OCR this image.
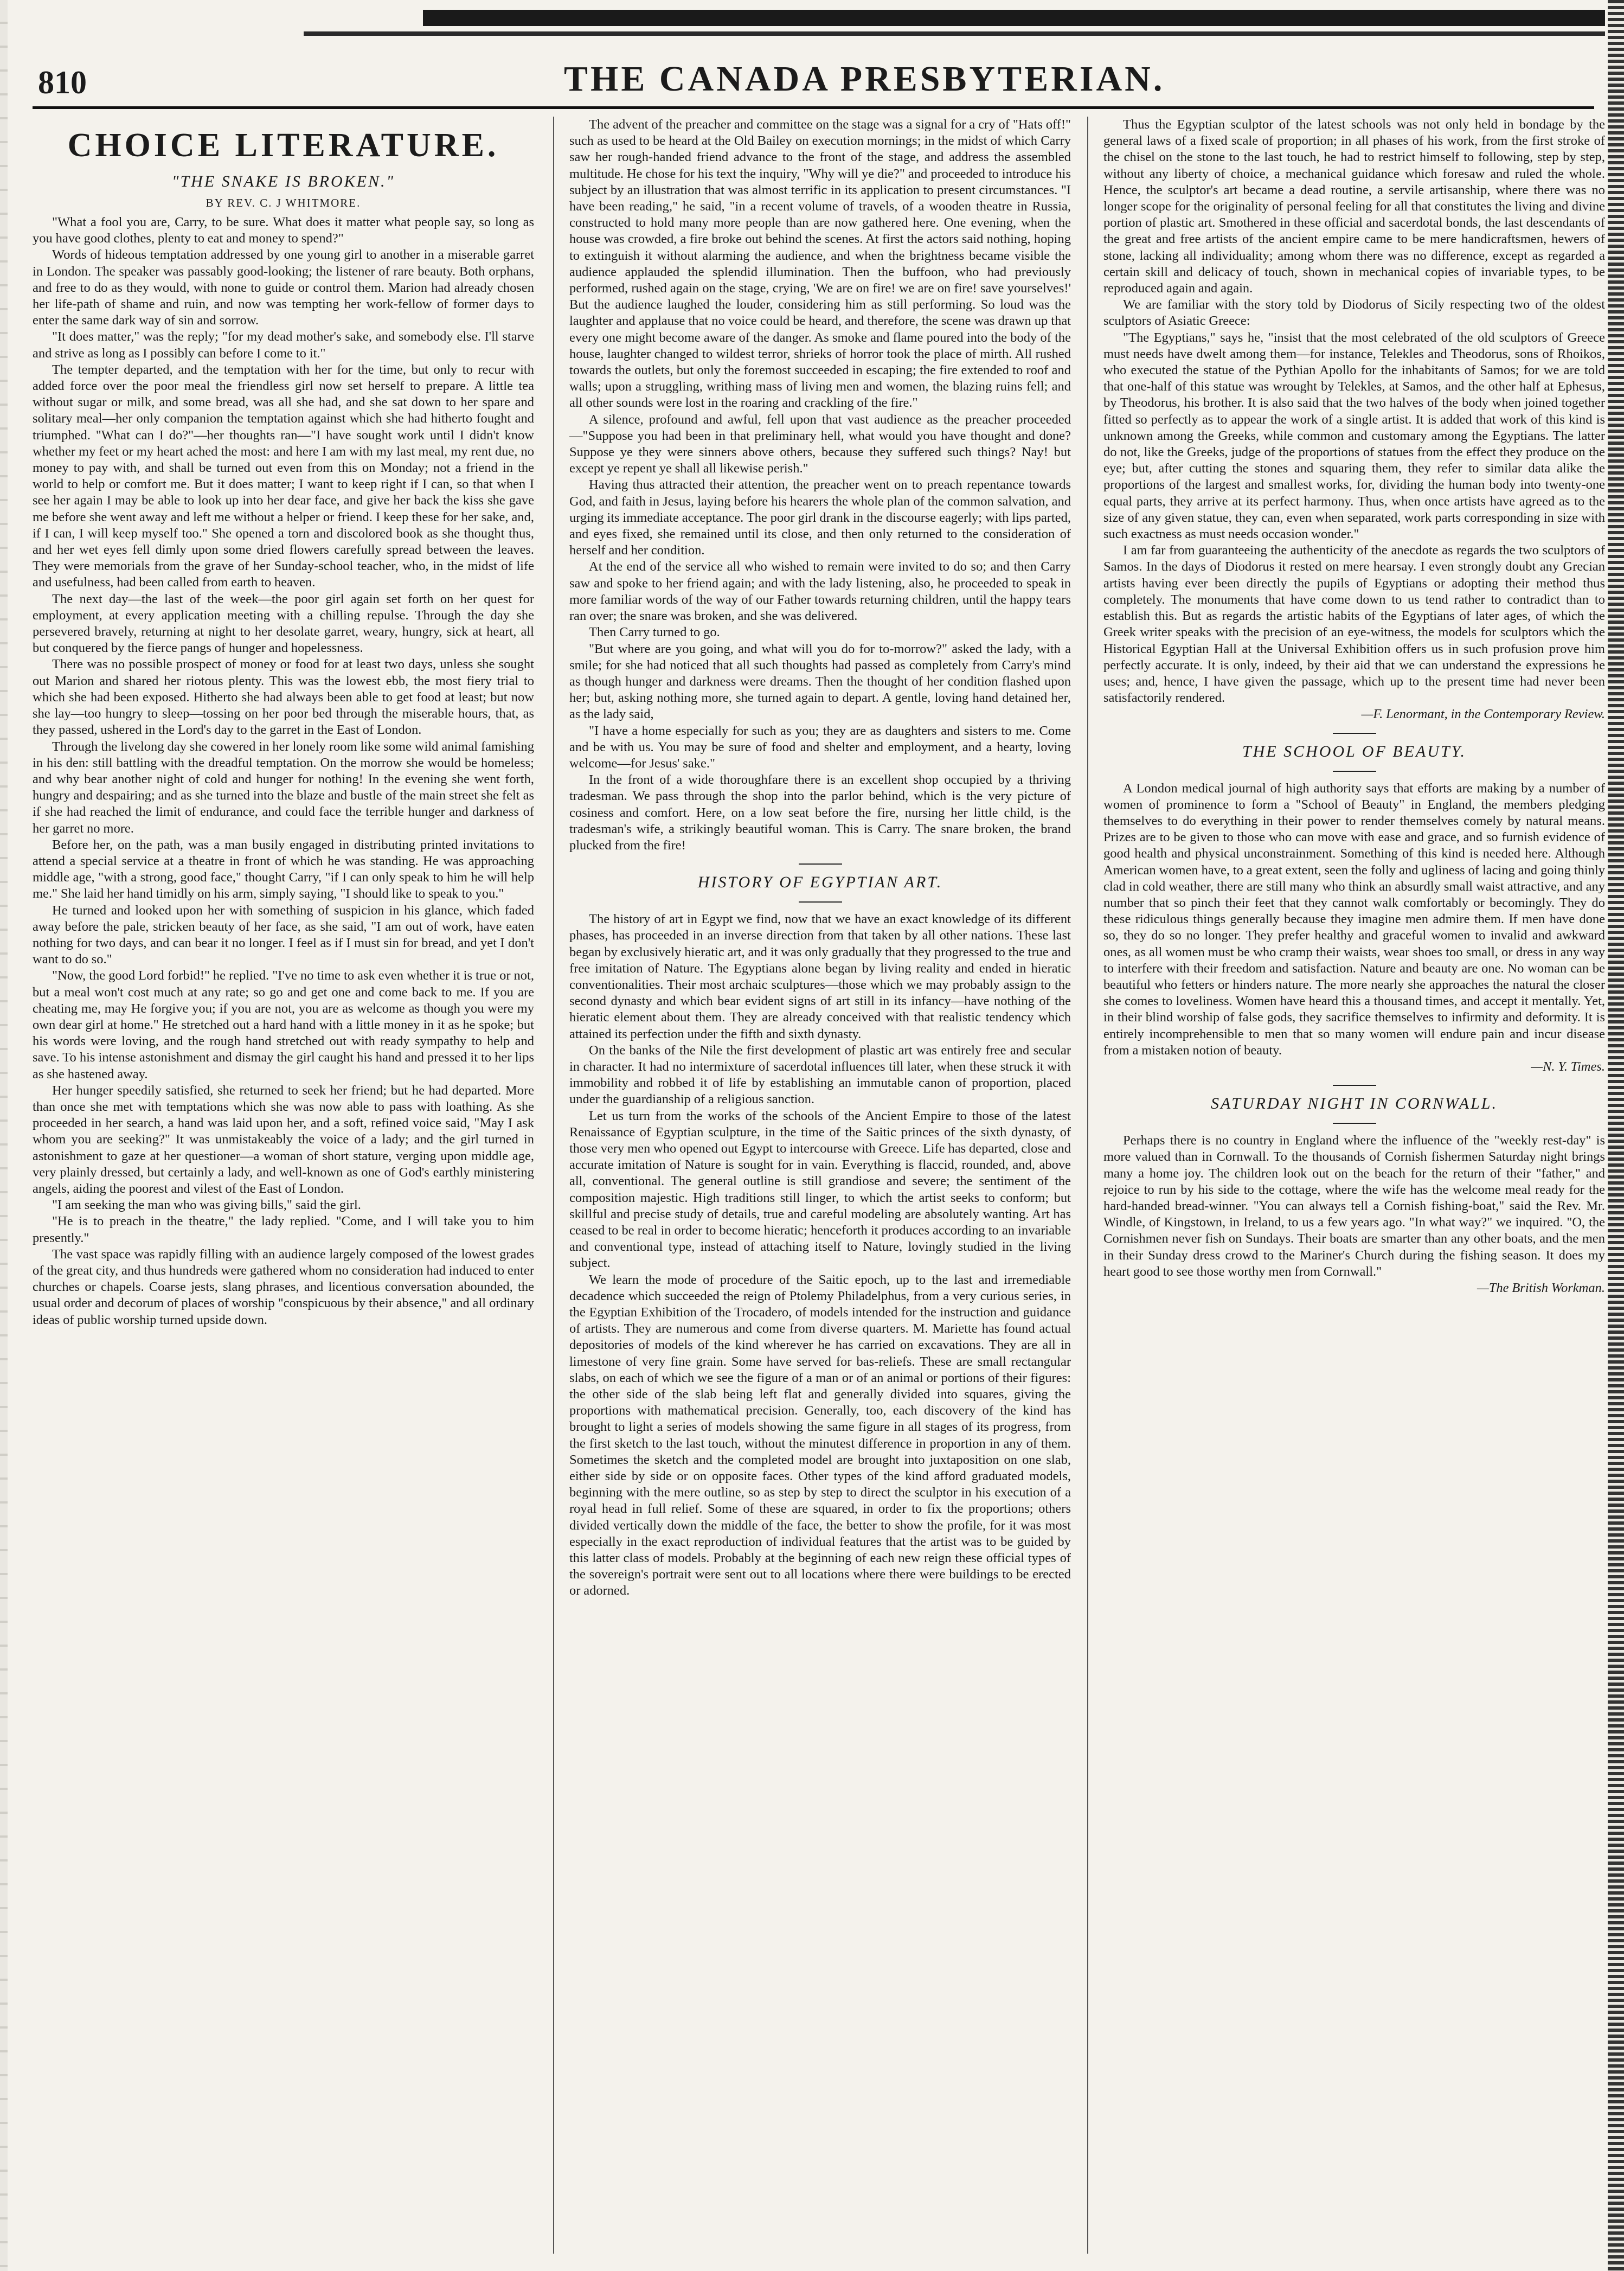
810	THE CANADA PRESBYTERIAN.
CHOICE LITERATURE.
"THE SNAKE IS BROKEN."
BY REV. C. J WHITMORE.

"What a fool you are, Carry, to be sure. What does it matter what people say, so long as you have good clothes, plenty to eat and money to spend?"

Words of hideous temptation addressed by one young girl to another in a miserable garret in London. The speaker was passably good-looking; the listener of rare beauty. Both orphans, and free to do as they would, with none to guide or control them. Marion had already chosen her life-path of shame and ruin, and now was tempting her work-fellow of former days to enter the same dark way of sin and sorrow.

"It does matter," was the reply; "for my dead mother's sake, and somebody else. I'll starve and strive as long as I possibly can before I come to it."

The tempter departed, and the temptation with her for the time, but only to recur with added force over the poor meal the friendless girl now set herself to prepare. A little tea without sugar or milk, and some bread, was all she had, and she sat down to her spare and solitary meal—her only companion the temptation against which she had hitherto fought and triumphed. "What can I do?"—her thoughts ran—"I have sought work until I didn't know whether my feet or my heart ached the most: and here I am with my last meal, my rent due, no money to pay with, and shall be turned out even from this on Monday; not a friend in the world to help or comfort me. But it does matter; I want to keep right if I can, so that when I see her again I may be able to look up into her dear face, and give her back the kiss she gave me before she went away and left me without a helper or friend. I keep these for her sake, and, if I can, I will keep myself too." She opened a torn and discolored book as she thought thus, and her wet eyes fell dimly upon some dried flowers carefully spread between the leaves. They were memorials from the grave of her Sunday-school teacher, who, in the midst of life and usefulness, had been called from earth to heaven.

The next day—the last of the week—the poor girl again set forth on her quest for employment, at every application meeting with a chilling repulse. Through the day she persevered bravely, returning at night to her desolate garret, weary, hungry, sick at heart, all but conquered by the fierce pangs of hunger and hopelessness.

There was no possible prospect of money or food for at least two days, unless she sought out Marion and shared her riotous plenty. This was the lowest ebb, the most fiery trial to which she had been exposed. Hitherto she had always been able to get food at least; but now she lay—too hungry to sleep—tossing on her poor bed through the miserable hours, that, as they passed, ushered in the Lord's day to the garret in the East of London.

Through the livelong day she cowered in her lonely room like some wild animal famishing in his den: still battling with the dreadful temptation. On the morrow she would be homeless; and why bear another night of cold and hunger for nothing! In the evening she went forth, hungry and despairing; and as she turned into the blaze and bustle of the main street she felt as if she had reached the limit of endurance, and could face the terrible hunger and darkness of her garret no more.

Before her, on the path, was a man busily engaged in distributing printed invitations to attend a special service at a theatre in front of which he was standing. He was approaching middle age, "with a strong, good face," thought Carry, "if I can only speak to him he will help me." She laid her hand timidly on his arm, simply saying, "I should like to speak to you."

He turned and looked upon her with something of suspicion in his glance, which faded away before the pale, stricken beauty of her face, as she said, "I am out of work, have eaten nothing for two days, and can bear it no longer. I feel as if I must sin for bread, and yet I don't want to do so."

"Now, the good Lord forbid!" he replied. "I've no time to ask even whether it is true or not, but a meal won't cost much at any rate; so go and get one and come back to me. If you are cheating me, may He forgive you; if you are not, you are as welcome as though you were my own dear girl at home." He stretched out a hard hand with a little money in it as he spoke; but his words were loving, and the rough hand stretched out with ready sympathy to help and save. To his intense astonishment and dismay the girl caught his hand and pressed it to her lips as she hastened away.

Her hunger speedily satisfied, she returned to seek her friend; but he had departed. More than once she met with temptations which she was now able to pass with loathing. As she proceeded in her search, a hand was laid upon her, and a soft, refined voice said, "May I ask whom you are seeking?" It was unmistakeably the voice of a lady; and the girl turned in astonishment to gaze at her questioner—a woman of short stature, verging upon middle age, very plainly dressed, but certainly a lady, and well-known as one of God's earthly ministering angels, aiding the poorest and vilest of the East of London.

"I am seeking the man who was giving bills," said the girl.

"He is to preach in the theatre," the lady replied. "Come, and I will take you to him presently."

The vast space was rapidly filling with an audience largely composed of the lowest grades of the great city, and thus hundreds were gathered whom no consideration had induced to enter churches or chapels. Coarse jests, slang phrases, and licentious conversation abounded, the usual order and decorum of places of worship "conspicuous by their absence," and all ordinary ideas of public worship turned upside down.

The advent of the preacher and committee on the stage was a signal for a cry of "Hats off!" such as used to be heard at the Old Bailey on execution mornings; in the midst of which Carry saw her rough-handed friend advance to the front of the stage, and address the assembled multitude. He chose for his text the inquiry, "Why will ye die?" and proceeded to introduce his subject by an illustration that was almost terrific in its application to present circumstances. "I have been reading," he said, "in a recent volume of travels, of a wooden theatre in Russia, constructed to hold many more people than are now gathered here. One evening, when the house was crowded, a fire broke out behind the scenes. At first the actors said nothing, hoping to extinguish it without alarming the audience, and when the brightness became visible the audience applauded the splendid illumination. Then the buffoon, who had previously performed, rushed again on the stage, crying, 'We are on fire! we are on fire! save yourselves!' But the audience laughed the louder, considering him as still performing. So loud was the laughter and applause that no voice could be heard, and therefore, the scene was drawn up that every one might become aware of the danger. As smoke and flame poured into the body of the house, laughter changed to wildest terror, shrieks of horror took the place of mirth. All rushed towards the outlets, but only the foremost succeeded in escaping; the fire extended to roof and walls; upon a struggling, writhing mass of living men and women, the blazing ruins fell; and all other sounds were lost in the roaring and crackling of the fire."

A silence, profound and awful, fell upon that vast audience as the preacher proceeded—"Suppose you had been in that preliminary hell, what would you have thought and done? Suppose ye they were sinners above others, because they suffered such things? Nay! but except ye repent ye shall all likewise perish."

Having thus attracted their attention, the preacher went on to preach repentance towards God, and faith in Jesus, laying before his hearers the whole plan of the common salvation, and urging its immediate acceptance. The poor girl drank in the discourse eagerly; with lips parted, and eyes fixed, she remained until its close, and then only returned to the consideration of herself and her condition.

At the end of the service all who wished to remain were invited to do so; and then Carry saw and spoke to her friend again; and with the lady listening, also, he proceeded to speak in more familiar words of the way of our Father towards returning children, until the happy tears ran over; the snare was broken, and she was delivered.

Then Carry turned to go.

"But where are you going, and what will you do for to-morrow?" asked the lady, with a smile; for she had noticed that all such thoughts had passed as completely from Carry's mind as though hunger and darkness were dreams. Then the thought of her condition flashed upon her; but, asking nothing more, she turned again to depart. A gentle, loving hand detained her, as the lady said,

"I have a home especially for such as you; they are as daughters and sisters to me. Come and be with us. You may be sure of food and shelter and employment, and a hearty, loving welcome—for Jesus' sake."

In the front of a wide thoroughfare there is an excellent shop occupied by a thriving tradesman. We pass through the shop into the parlor behind, which is the very picture of cosiness and comfort. Here, on a low seat before the fire, nursing her little child, is the tradesman's wife, a strikingly beautiful woman. This is Carry. The snare broken, the brand plucked from the fire!

HISTORY OF EGYPTIAN ART.

The history of art in Egypt we find, now that we have an exact knowledge of its different phases, has proceeded in an inverse direction from that taken by all other nations. These last began by exclusively hieratic art, and it was only gradually that they progressed to the true and free imitation of Nature. The Egyptians alone began by living reality and ended in hieratic conventionalities. Their most archaic sculptures—those which we may probably assign to the second dynasty and which bear evident signs of art still in its infancy—have nothing of the hieratic element about them. They are already conceived with that realistic tendency which attained its perfection under the fifth and sixth dynasty.

On the banks of the Nile the first development of plastic art was entirely free and secular in character. It had no intermixture of sacerdotal influences till later, when these struck it with immobility and robbed it of life by establishing an immutable canon of proportion, placed under the guardianship of a religious sanction.

Let us turn from the works of the schools of the Ancient Empire to those of the latest Renaissance of Egyptian sculpture, in the time of the Saitic princes of the sixth dynasty, of those very men who opened out Egypt to intercourse with Greece. Life has departed, close and accurate imitation of Nature is sought for in vain. Everything is flaccid, rounded, and, above all, conventional. The general outline is still grandiose and severe; the sentiment of the composition majestic. High traditions still linger, to which the artist seeks to conform; but skillful and precise study of details, true and careful modeling are absolutely wanting. Art has ceased to be real in order to become hieratic; henceforth it produces according to an invariable and conventional type, instead of attaching itself to Nature, lovingly studied in the living subject.

We learn the mode of procedure of the Saitic epoch, up to the last and irremediable decadence which succeeded the reign of Ptolemy Philadelphus, from a very curious series, in the Egyptian Exhibition of the Trocadero, of models intended for the instruction and guidance of artists. They are numerous and come from diverse quarters. M. Mariette has found actual depositories of models of the kind wherever he has carried on excavations. They are all in limestone of very fine grain. Some have served for bas-reliefs. These are small rectangular slabs, on each of which we see the figure of a man or of an animal or portions of their figures: the other side of the slab being left flat and generally divided into squares, giving the proportions with mathematical precision. Generally, too, each discovery of the kind has brought to light a series of models showing the same figure in all stages of its progress, from the first sketch to the last touch, without the minutest difference in proportion in any of them. Sometimes the sketch and the completed model are brought into juxtaposition on one slab, either side by side or on opposite faces. Other types of the kind afford graduated models, beginning with the mere outline, so as step by step to direct the sculptor in his execution of a royal head in full relief. Some of these are squared, in order to fix the proportions; others divided vertically down the middle of the face, the better to show the profile, for it was most especially in the exact reproduction of individual features that the artist was to be guided by this latter class of models. Probably at the beginning of each new reign these official types of the sovereign's portrait were sent out to all locations where there were buildings to be erected or adorned.

Thus the Egyptian sculptor of the latest schools was not only held in bondage by the general laws of a fixed scale of proportion; in all phases of his work, from the first stroke of the chisel on the stone to the last touch, he had to restrict himself to following, step by step, without any liberty of choice, a mechanical guidance which foresaw and ruled the whole. Hence, the sculptor's art became a dead routine, a servile artisanship, where there was no longer scope for the originality of personal feeling for all that constitutes the living and divine portion of plastic art. Smothered in these official and sacerdotal bonds, the last descendants of the great and free artists of the ancient empire came to be mere handicraftsmen, hewers of stone, lacking all individuality; among whom there was no difference, except as regarded a certain skill and delicacy of touch, shown in mechanical copies of invariable types, to be reproduced again and again.

We are familiar with the story told by Diodorus of Sicily respecting two of the oldest sculptors of Asiatic Greece:

"The Egyptians," says he, "insist that the most celebrated of the old sculptors of Greece must needs have dwelt among them—for instance, Telekles and Theodorus, sons of Rhoikos, who executed the statue of the Pythian Apollo for the inhabitants of Samos; for we are told that one-half of this statue was wrought by Telekles, at Samos, and the other half at Ephesus, by Theodorus, his brother. It is also said that the two halves of the body when joined together fitted so perfectly as to appear the work of a single artist. It is added that work of this kind is unknown among the Greeks, while common and customary among the Egyptians. The latter do not, like the Greeks, judge of the proportions of statues from the effect they produce on the eye; but, after cutting the stones and squaring them, they refer to similar data alike the proportions of the largest and smallest works, for, dividing the human body into twenty-one equal parts, they arrive at its perfect harmony. Thus, when once artists have agreed as to the size of any given statue, they can, even when separated, work parts corresponding in size with such exactness as must needs occasion wonder."

I am far from guaranteeing the authenticity of the anecdote as regards the two sculptors of Samos. In the days of Diodorus it rested on mere hearsay. I even strongly doubt any Grecian artists having ever been directly the pupils of Egyptians or adopting their method thus completely. The monuments that have come down to us tend rather to contradict than to establish this. But as regards the artistic habits of the Egyptians of later ages, of which the Greek writer speaks with the precision of an eye-witness, the models for sculptors which the Historical Egyptian Hall at the Universal Exhibition offers us in such profusion prove him perfectly accurate. It is only, indeed, by their aid that we can understand the expressions he uses; and, hence, I have given the passage, which up to the present time had never been satisfactorily rendered.

—F. Lenormant, in the Contemporary Review.

THE SCHOOL OF BEAUTY.

A London medical journal of high authority says that efforts are making by a number of women of prominence to form a "School of Beauty" in England, the members pledging themselves to do everything in their power to render themselves comely by natural means. Prizes are to be given to those who can move with ease and grace, and so furnish evidence of good health and physical unconstrainment. Something of this kind is needed here. Although American women have, to a great extent, seen the folly and ugliness of lacing and going thinly clad in cold weather, there are still many who think an absurdly small waist attractive, and any number that so pinch their feet that they cannot walk comfortably or becomingly. They do these ridiculous things generally because they imagine men admire them. If men have done so, they do so no longer. They prefer healthy and graceful women to invalid and awkward ones, as all women must be who cramp their waists, wear shoes too small, or dress in any way to interfere with their freedom and satisfaction. Nature and beauty are one. No woman can be beautiful who fetters or hinders nature. The more nearly she approaches the natural the closer she comes to loveliness. Women have heard this a thousand times, and accept it mentally. Yet, in their blind worship of false gods, they sacrifice themselves to infirmity and deformity. It is entirely incomprehensible to men that so many women will endure pain and incur disease from a mistaken notion of beauty.

—N. Y. Times.

SATURDAY NIGHT IN CORNWALL.

Perhaps there is no country in England where the influence of the "weekly rest-day" is more valued than in Cornwall. To the thousands of Cornish fishermen Saturday night brings many a home joy. The children look out on the beach for the return of their "father," and rejoice to run by his side to the cottage, where the wife has the welcome meal ready for the hard-handed bread-winner. "You can always tell a Cornish fishing-boat," said the Rev. Mr. Windle, of Kingstown, in Ireland, to us a few years ago. "In what way?" we inquired. "O, the Cornishmen never fish on Sundays. Their boats are smarter than any other boats, and the men in their Sunday dress crowd to the Mariner's Church during the fishing season. It does my heart good to see those worthy men from Cornwall."

—The British Workman.
